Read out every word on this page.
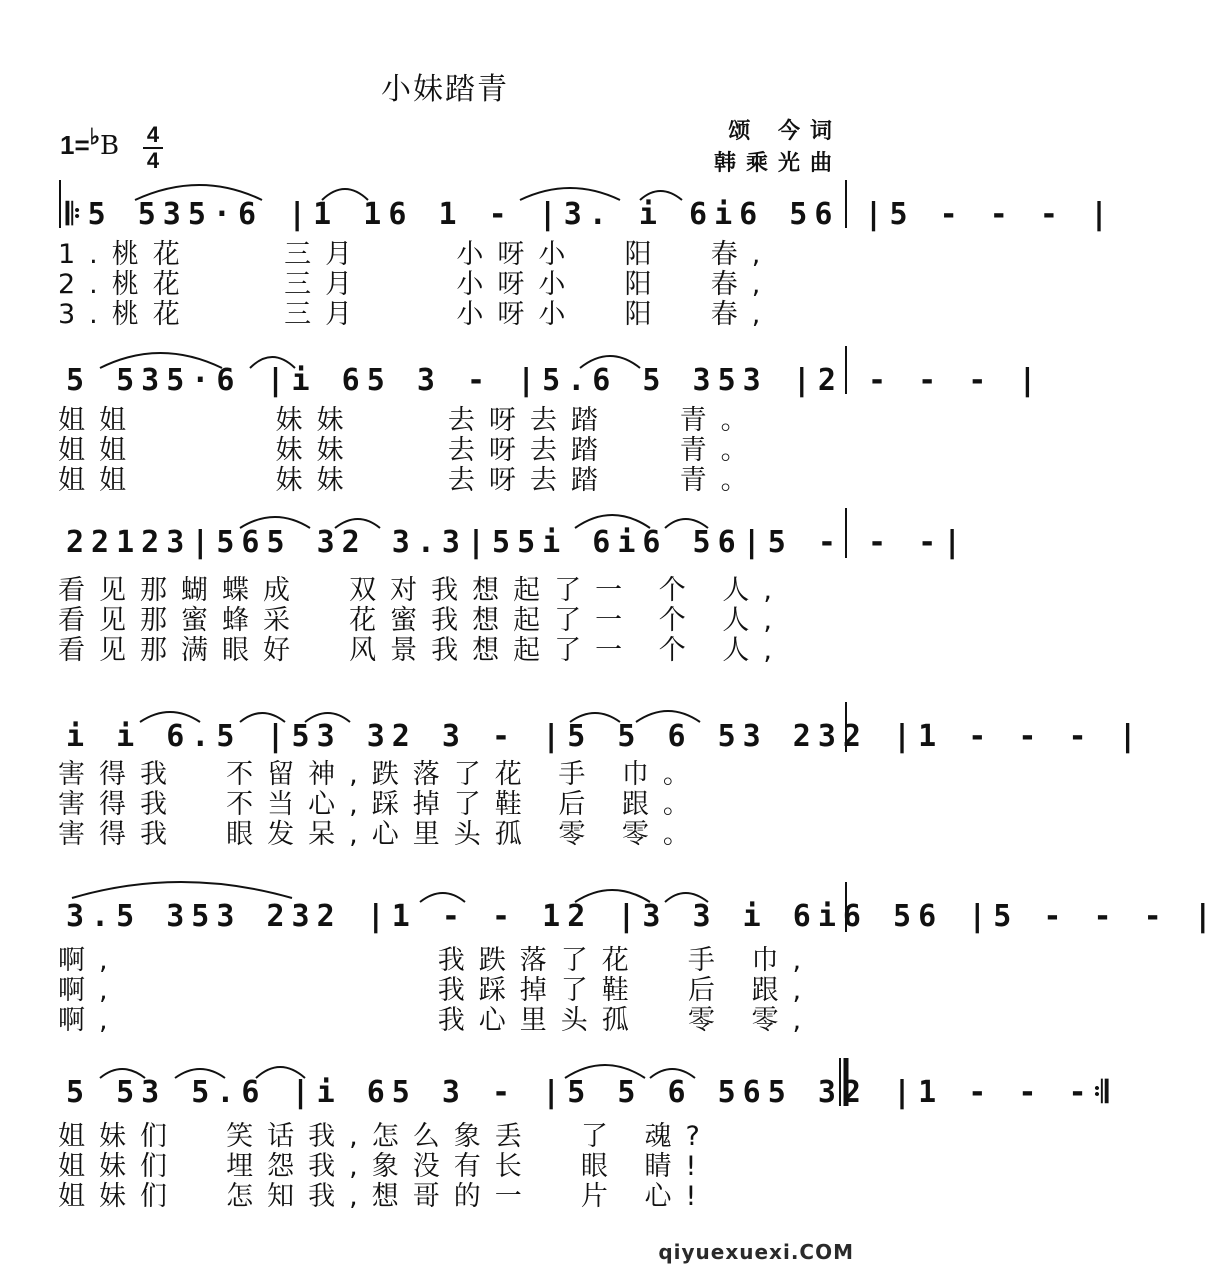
小妹踏青
颂 今词
韩乘光曲
1=♭B 4
4
𝄆5 535·6 |1 16 1 - |3. i 6i6 56 |5 - - - |
1.桃花    三月    小呀小  阳  春,
2.桃花    三月    小呀小  阳  春,
3.桃花    三月    小呀小  阳  春,
5 535·6 |i 65 3 - |5.6 5 353 |2 - - - |
姐姐      妹妹    去呀去踏   青。
姐姐      妹妹    去呀去踏   青。
姐姐      妹妹    去呀去踏   青。
22123|565 32 3.3|55i 6i6 56|5 - - -|
看见那蝴蝶成  双对我想起了一 个 人,
看见那蜜蜂采  花蜜我想起了一 个 人,
看见那满眼好  风景我想起了一 个 人,
i i 6.5 |53 32 3 - |5 5 6 53 232 |1 - - - |
害得我  不留神,跌落了花 手 巾。
害得我  不当心,踩掉了鞋 后 跟。
害得我  眼发呆,心里头孤 零 零。
3.5 353 232 |1 - - 12 |3 3 i 6i6 56 |5 - - - |
啊,              我跌落了花  手 巾,
啊,              我踩掉了鞋  后 跟,
啊,              我心里头孤  零 零,
5 53 5.6 |i 65 3 - |5 5 6 565 32 |1 - - -𝄇
姐妹们  笑话我,怎么象丢  了 魂?
姐妹们  埋怨我,象没有长  眼 睛!
姐妹们  怎知我,想哥的一  片 心!
qiyuexuexi.COM
